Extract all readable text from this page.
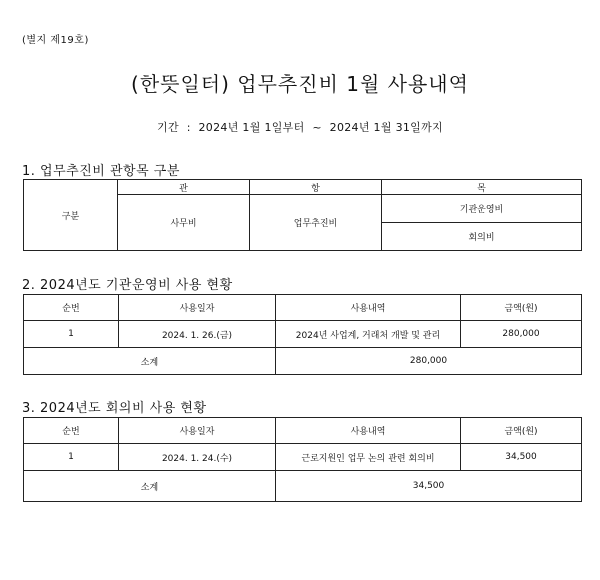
(별지 제19호)
(한뜻일터) 업무추진비 1월 사용내역
기간 : 2024년 1월 1일부터 ~ 2024년 1월 31일까지
1. 업무추진비 관항목 구분
구분	관	항	목
	사무비	업무추진비	기관운영비
			회의비
2. 2024년도 기관운영비 사용 현황
순번	사용일자	사용내역	금액(원)
1	2024. 1. 26.(금)	2024년 사업계, 거래처 개발 및 관리	280,000
소계		280,000	
3. 2024년도 회의비 사용 현황
순번	사용일자	사용내역	금액(원)
1	2024. 1. 24.(수)	근로지원인 업무 논의 관련 회의비	34,500
소계		34,500	
